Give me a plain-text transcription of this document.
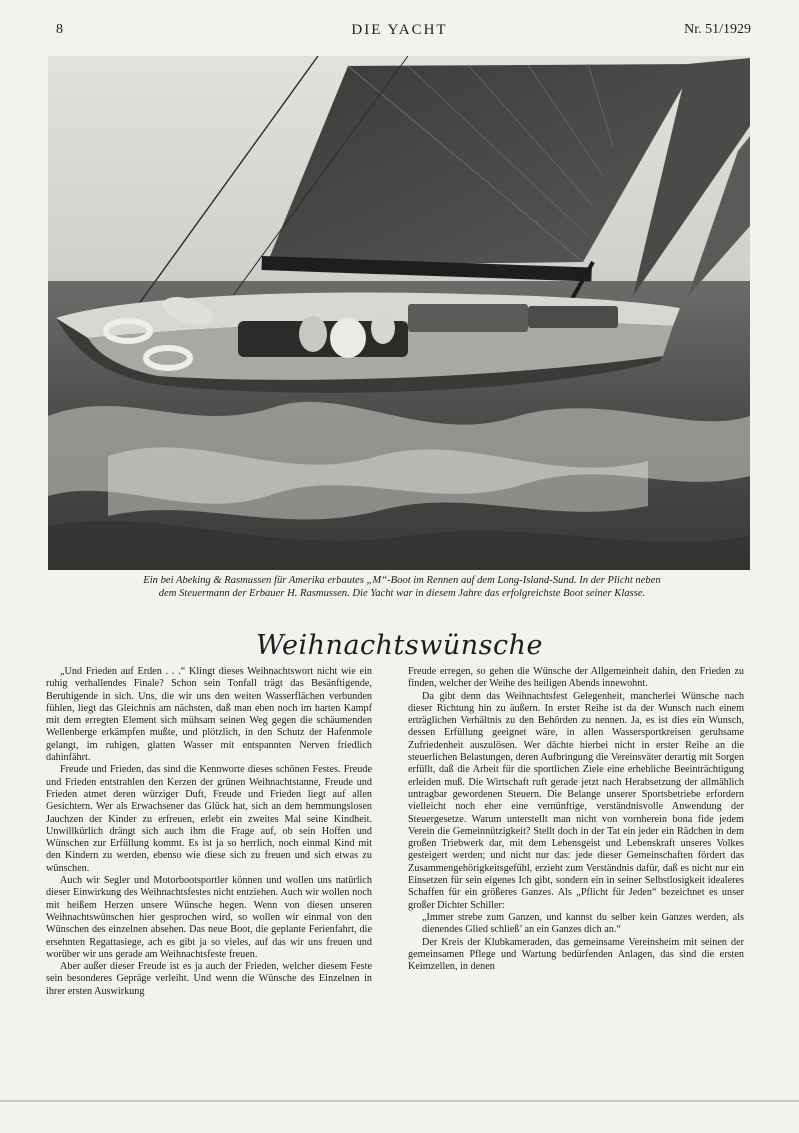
8	DIE YACHT	Nr. 51/1929

Ein bei Abeking & Rasmussen für Amerika erbautes „M“-Boot im Rennen auf dem Long-Island-Sund. In der Plicht neben

dem Steuermann der Erbauer H. Rasmussen. Die Yacht war in diesem Jahre das erfolgreichste Boot seiner Klasse.

Weihnachtswünsche

„Und Frieden auf Erden . . .“ Klingt dieses Weihnachtswort nicht wie ein ruhig verhallendes Finale? Schon sein Tonfall trägt das Besänftigende, Beruhigende in sich. Uns, die wir uns den weiten Wasserflächen verbunden fühlen, liegt das Gleichnis am nächsten, daß man eben noch im harten Kampf mit dem erregten Element sich mühsam seinen Weg gegen die schäumenden Wellenberge erkämpfen mußte, und plötzlich, in den Schutz der Hafenmole gelangt, im ruhigen, glatten Wasser mit entspannten Nerven friedlich dahinfährt.

Freude und Frieden, das sind die Kennworte dieses schönen Festes. Freude und Frieden entstrahlen den Kerzen der grünen Weihnachtstanne, Freude und Frieden atmet deren würziger Duft, Freude und Frieden liegt auf allen Gesichtern. Wer als Erwachsener das Glück hat, sich an dem hemmungslosen Jauchzen der Kinder zu erfreuen, erlebt ein zweites Mal seine Kindheit. Unwillkürlich drängt sich auch ihm die Frage auf, ob sein Hoffen und Wünschen zur Erfüllung kommt. Es ist ja so herrlich, noch einmal Kind mit den Kindern zu werden, ebenso wie diese sich zu freuen und sich etwas zu wünschen.

Auch wir Segler und Motorbootsportler können und wollen uns natürlich dieser Einwirkung des Weihnachtsfestes nicht entziehen. Auch wir wollen noch mit heißem Herzen unsere Wünsche hegen. Wenn von diesen unseren Weihnachtswünschen hier gesprochen wird, so wollen wir einmal von den Wünschen des einzelnen absehen. Das neue Boot, die geplante Ferienfahrt, die ersehnten Regattasiege, ach es gibt ja so vieles, auf das wir uns freuen und worüber wir uns gerade am Weihnachtsfeste freuen.

Aber außer dieser Freude ist es ja auch der Frieden, welcher diesem Feste sein besonderes Gepräge verleiht. Und wenn die Wünsche des Einzelnen in ihrer ersten Auswirkung

Freude erregen, so gehen die Wünsche der Allgemeinheit dahin, den Frieden zu finden, welcher der Weihe des heiligen Abends innewohnt.

Da gibt denn das Weihnachtsfest Gelegenheit, mancherlei Wünsche nach dieser Richtung hin zu äußern. In erster Reihe ist da der Wunsch nach einem erträglichen Verhältnis zu den Behörden zu nennen. Ja, es ist dies ein Wunsch, dessen Erfüllung geeignet wäre, in allen Wassersportkreisen geruhsame Zufriedenheit auszulösen. Wer dächte hierbei nicht in erster Reihe an die steuerlichen Belastungen, deren Aufbringung die Vereinsväter derartig mit Sorgen erfüllt, daß die Arbeit für die sportlichen Ziele eine erhebliche Beeinträchtigung erleiden muß. Die Wirtschaft ruft gerade jetzt nach Herabsetzung der allmählich untragbar gewordenen Steuern. Die Belange unserer Sportsbetriebe erfordern vielleicht noch eher eine vernünftige, verständnisvolle Anwendung der Steuergesetze. Warum unterstellt man nicht von vornherein bona fide jedem Verein die Gemeinnützigkeit? Stellt doch in der Tat ein jeder ein Rädchen in dem großen Triebwerk dar, mit dem Lebensgeist und Lebenskraft unseres Volkes gesteigert werden; und nicht nur das: jede dieser Gemeinschaften fördert das Zusammengehörigkeitsgefühl, erzieht zum Verständnis dafür, daß es nicht nur ein Einsetzen für sein eigenes Ich gibt, sondern ein in seiner Selbstlosigkeit idealeres Schaffen für ein größeres Ganzes. Als „Pflicht für Jeden“ bezeichnet es unser großer Dichter Schiller:

„Immer strebe zum Ganzen, und kannst du selber kein Ganzes werden, als dienendes Glied schließ’ an ein Ganzes dich an.“

Der Kreis der Klubkameraden, das gemeinsame Vereinsheim mit seinen der gemeinsamen Pflege und Wartung bedürfenden Anlagen, das sind die ersten Keimzellen, in denen
